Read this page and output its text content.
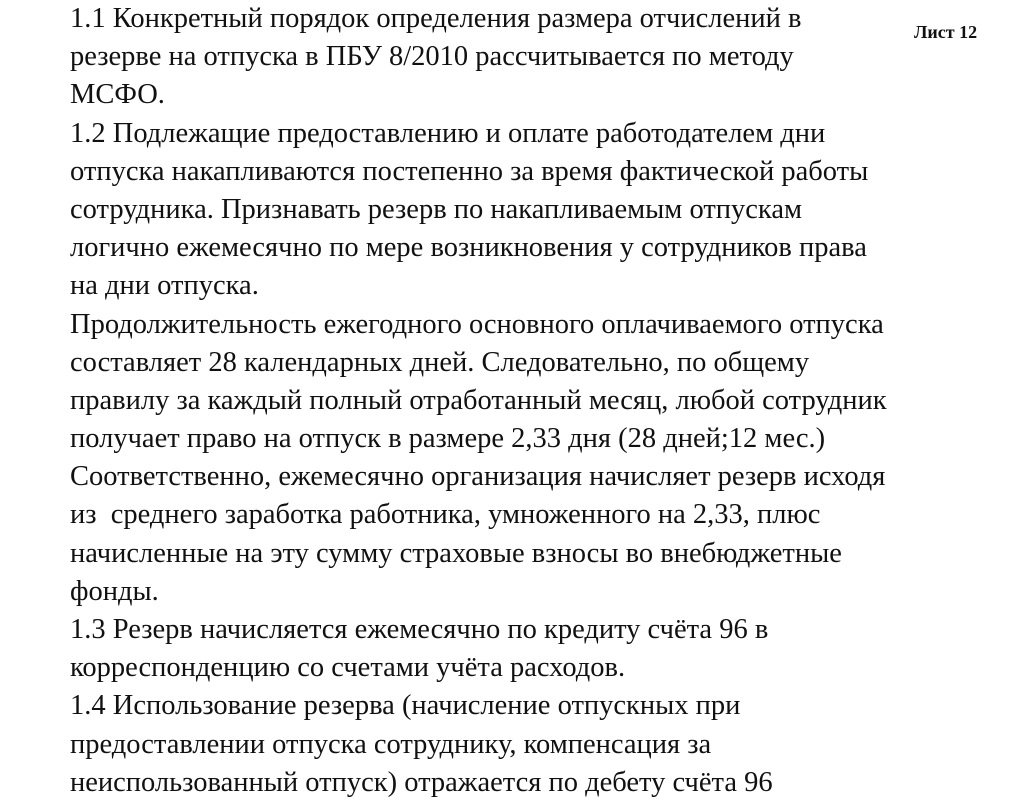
Лист 12
1.1 Конкретный порядок определения размера отчислений в
резерве на отпуска в ПБУ 8/2010 рассчитывается по методу
МСФО.
1.2 Подлежащие предоставлению и оплате работодателем дни
отпуска накапливаются постепенно за время фактической работы
сотрудника. Признавать резерв по накапливаемым отпускам
логично ежемесячно по мере возникновения у сотрудников права
на дни отпуска.
Продолжительность ежегодного основного оплачиваемого отпуска
составляет 28 календарных дней. Следовательно, по общему
правилу за каждый полный отработанный месяц, любой сотрудник
получает право на отпуск в размере 2,33 дня (28 дней;12 мес.)
Соответственно, ежемесячно организация начисляет резерв исходя
из  среднего заработка работника, умноженного на 2,33, плюс
начисленные на эту сумму страховые взносы во внебюджетные
фонды.
1.3 Резерв начисляется ежемесячно по кредиту счёта 96 в
корреспонденцию со счетами учёта расходов.
1.4 Использование резерва (начисление отпускных при
предоставлении отпуска сотруднику, компенсация за
неиспользованный отпуск) отражается по дебету счёта 96
